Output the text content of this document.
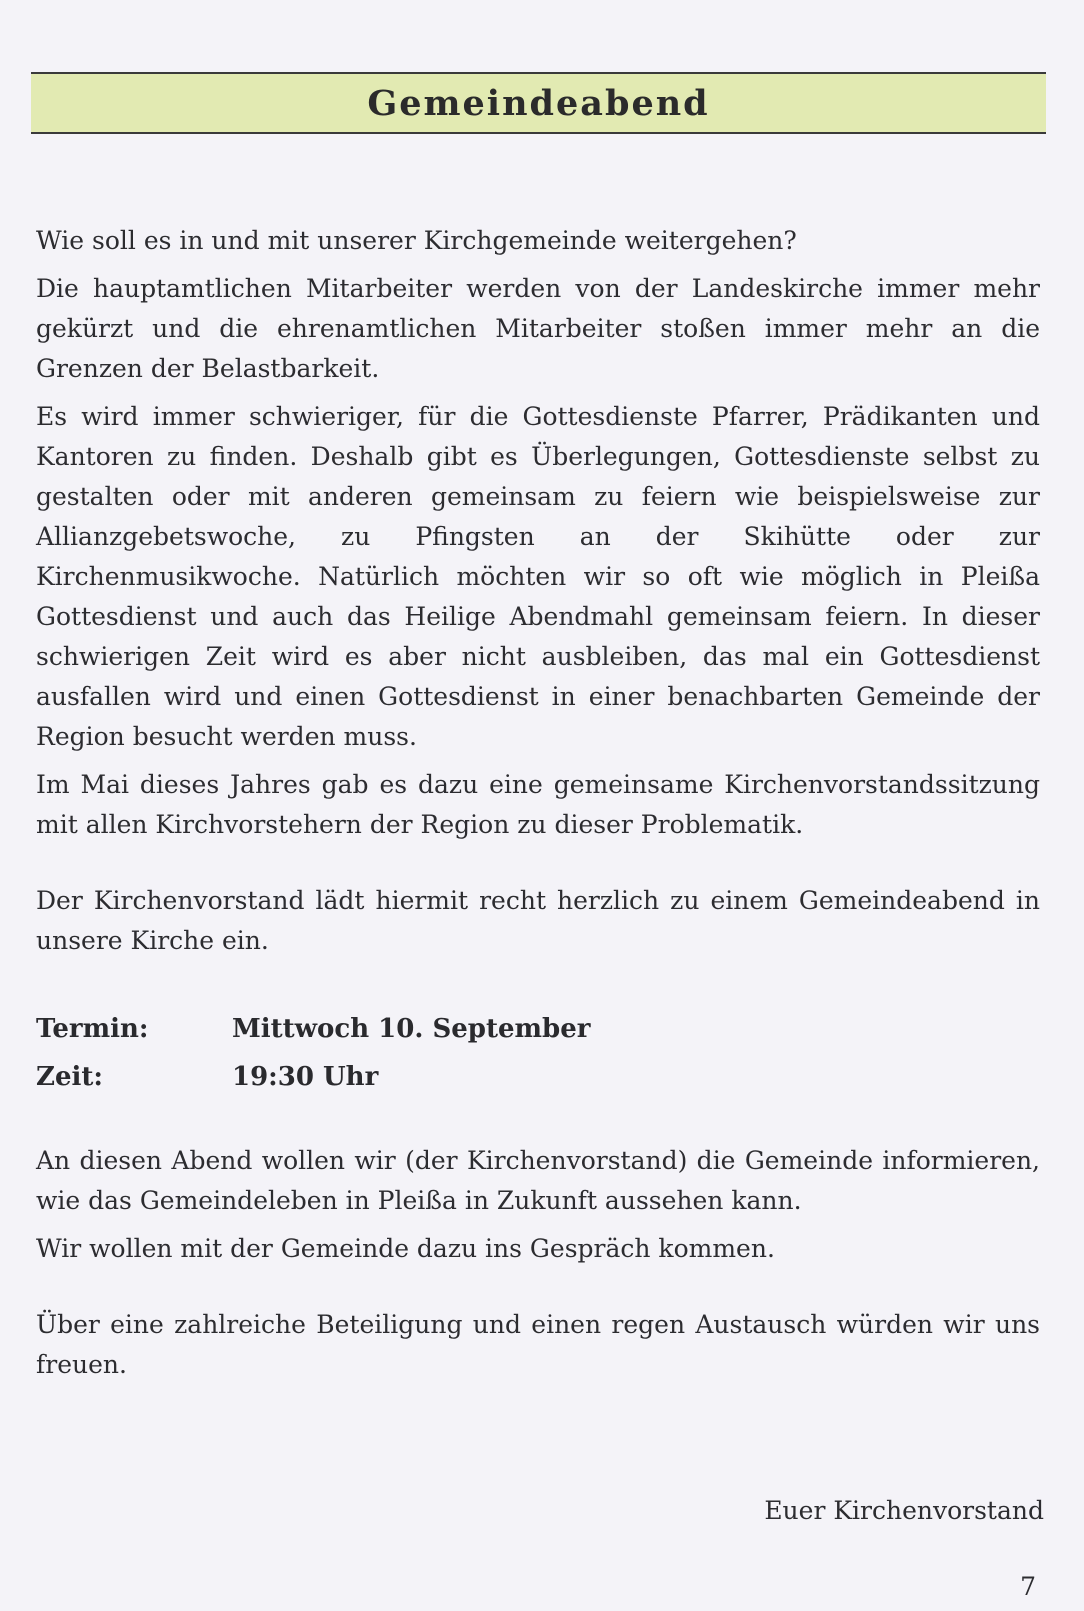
Gemeindeabend

Wie soll es in und mit unserer Kirchgemeinde weitergehen?

Die hauptamtlichen Mitarbeiter werden von der Landeskirche immer mehr gekürzt und die ehrenamtlichen Mitarbeiter stoßen immer mehr an die Grenzen der Belastbarkeit.

Es wird immer schwieriger, für die Gottesdienste Pfarrer, Prädikanten und Kantoren zu finden. Deshalb gibt es Überlegungen, Gottesdienste selbst zu gestalten oder mit anderen gemeinsam zu feiern wie beispielsweise zur Allianzgebetswoche, zu Pfingsten an der Skihütte oder zur Kirchenmusikwoche. Natürlich möchten wir so oft wie möglich in Pleißa Gottesdienst und auch das Heilige Abendmahl gemeinsam feiern. In dieser schwierigen Zeit wird es aber nicht ausbleiben, das mal ein Gottesdienst ausfallen wird und einen Gottesdienst in einer benachbarten Gemeinde der Region besucht werden muss.

Im Mai dieses Jahres gab es dazu eine gemeinsame Kirchenvorstandssitzung mit allen Kirchvorstehern der Region zu dieser Problematik.

Der Kirchenvorstand lädt hiermit recht herzlich zu einem Gemeindeabend in unsere Kirche ein.

Termin:	Mittwoch 10. September
Zeit:	19:30 Uhr

An diesen Abend wollen wir (der Kirchenvorstand) die Gemeinde informieren, wie das Gemeindeleben in Pleißa in Zukunft aussehen kann.

Wir wollen mit der Gemeinde dazu ins Gespräch kommen.

Über eine zahlreiche Beteiligung und einen regen Austausch würden wir uns freuen.

Euer Kirchenvorstand
7
